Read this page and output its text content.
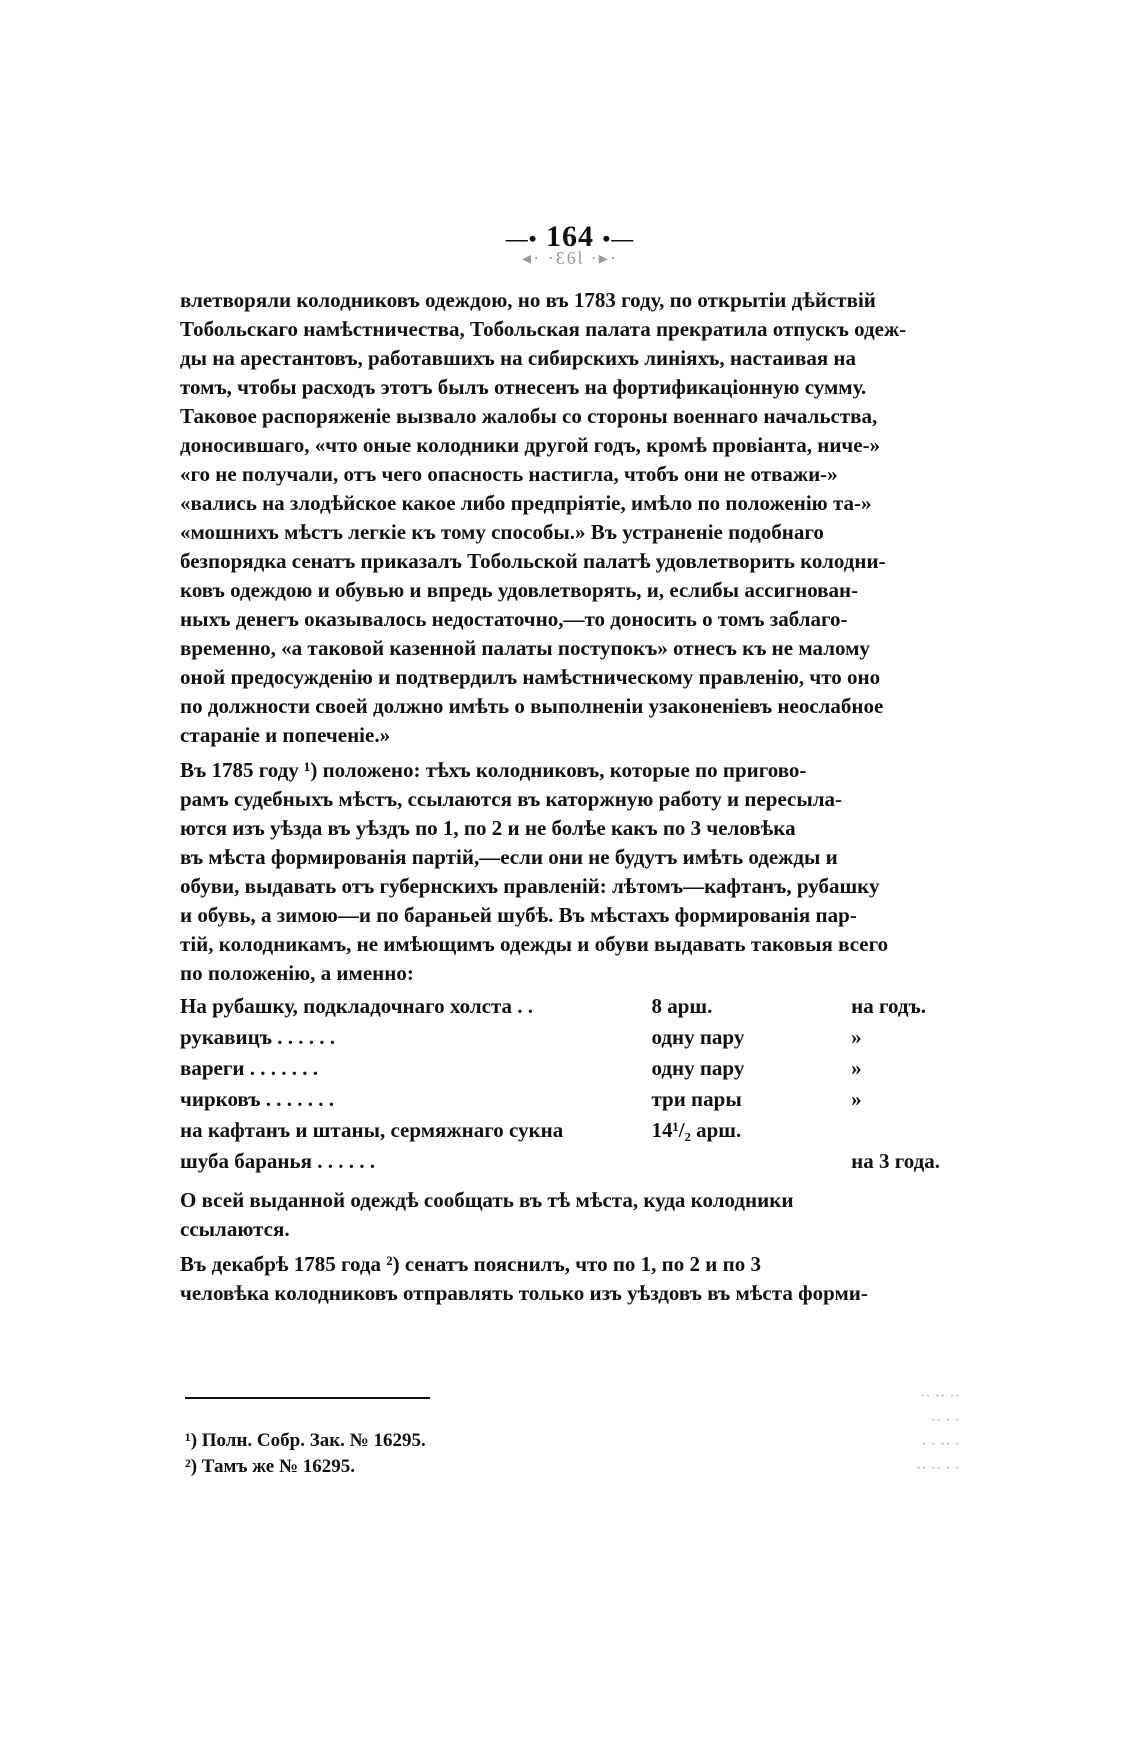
—• 164 •—
◂· ·Ɛ6Ɩ ·▸·

влетворяли колодниковъ одеждою, но въ 1783 году, по открытіи дѣйствій
Тобольскаго намѣстничества, Тобольская палата прекратила отпускъ одеж-
ды на арестантовъ, работавшихъ на сибирскихъ линіяхъ, настаивая на
томъ, чтобы расходъ этотъ былъ отнесенъ на фортификаціонную сумму.
Таковое распоряженіе вызвало жалобы со стороны военнаго начальства,
доносившаго, «что оные колодники другой годъ, кромѣ провіанта, ниче-»
«го не получали, отъ чего опасность настигла, чтобъ они не отважи-»
«вались на злодѣйское какое либо предпріятіе, имѣло по положенію та-»
«мошнихъ мѣстъ легкіе къ тому способы.» Въ устраненіе подобнаго
безпорядка сенатъ приказалъ Тобольской палатѣ удовлетворить колодни-
ковъ одеждою и обувью и впредь удовлетворять, и, еслибы ассигнован-
ныхъ денегъ оказывалось недостаточно,—то доносить о томъ заблаго-
временно, «а таковой казенной палаты поступокъ» отнесъ къ не малому
оной предосужденію и подтвердилъ намѣстническому правленію, что оно
по должности своей должно имѣть о выполненіи узаконеніевъ неослабное
стараніе и попеченіе.»

Въ 1785 году ¹) положено: тѣхъ колодниковъ, которые по пригово-
рамъ судебныхъ мѣстъ, ссылаются въ каторжную работу и пересыла-
ются изъ уѣзда въ уѣздъ по 1, по 2 и не болѣе какъ по 3 человѣка
въ мѣста формированія партій,—если они не будутъ имѣть одежды и
обуви, выдавать отъ губернскихъ правленій: лѣтомъ—кафтанъ, рубашку
и обувь, а зимою—и по бараньей шубѣ. Въ мѣстахъ формированія пар-
тій, колодникамъ, не имѣющимъ одежды и обуви выдавать таковыя всего
по положенію, а именно:

На рубашку, подкладочнаго холста . .	8 арш.	на годъ.
рукавицъ . . . . . .	одну пару	»
вареги . . . . . . .	одну пару	»
чирковъ . . . . . . .	три пары	»
на кафтанъ и штаны, сермяжнаго сукна	14¹/₂ арш.	
шуба баранья . . . . . .		на 3 года.

О всей выданной одеждѣ сообщать въ тѣ мѣста, куда колодники
ссылаются.

Въ декабрѣ 1785 года ²) сенатъ пояснилъ, что по 1, по 2 и по 3
человѣка колодниковъ отправлять только изъ уѣздовъ въ мѣста форми-

¹) Полн. Собр. Зак. № 16295.
²) Тамъ же № 16295.
·· ·· ··
·· · ·
· · ·· ·
·· ·· · ·
